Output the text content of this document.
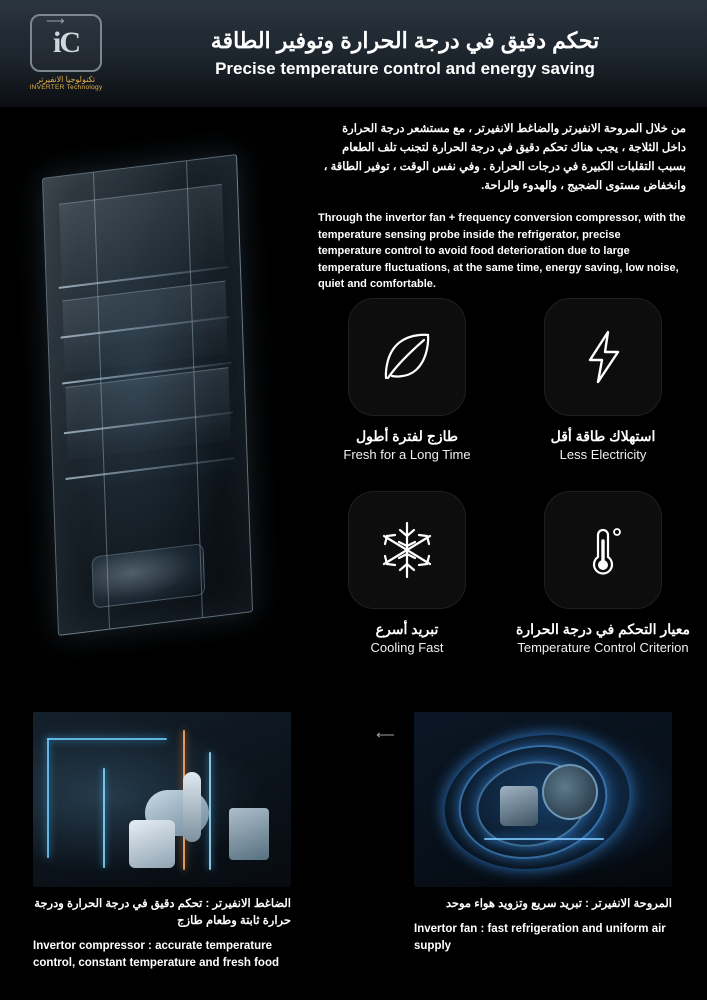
⟶
⟵
iC
تكنولوجيا الانفيرتر
INVERTER Technology
تحكم دقيق في درجة الحرارة وتوفير الطاقة
Precise temperature control and energy saving
من خلال المروحة الانفيرتر والضاغط الانفيرتر ، مع مستشعر درجة الحرارة داخل الثلاجة ، يجب هناك تحكم دقيق في درجة الحرارة لتجنب تلف الطعام بسبب التقلبات الكبيرة في درجات الحرارة . وفي نفس الوقت ، توفير الطاقة ، وانخفاض مستوى الضجيج ، والهدوء والراحة.
Through the invertor fan + frequency conversion compressor, with the temperature sensing probe inside the refrigerator, precise temperature control to avoid food deterioration due to large temperature fluctuations, at the same time, energy saving, low noise, quiet and comfortable.
طازج لفترة أطول
Fresh for a Long Time
استهلاك طاقة أقل
Less Electricity
تبريد أسرع
Cooling Fast
معيار التحكم في درجة الحرارة
Temperature Control Criterion
الضاغط الانفيرتر : تحكم دقيق في درجة الحرارة ودرجة حرارة ثابتة وطعام طازج
Invertor compressor : accurate temperature control, constant temperature and fresh food
المروحة الانفيرتر : تبريد سريع وتزويد هواء موحد
Invertor fan : fast refrigeration and uniform air supply
